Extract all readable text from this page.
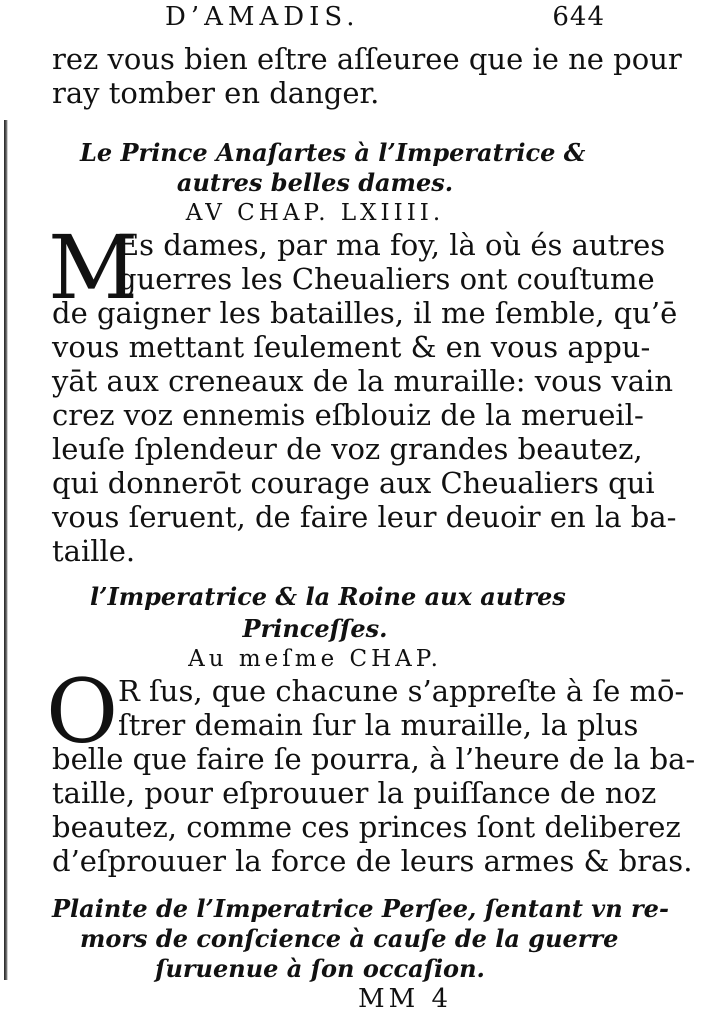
D’AMADIS.	644
rez vous bien eſtre aſſeuree que ie ne pour
ray tomber en danger.
Le Prince Anaſartes à l’Imperatrice &
autres belles dames.
AV CHAP. LXIIII.
M
Es dames, par ma foy, là où és autres
guerres les Cheualiers ont couſtume
de gaigner les batailles, il me ſemble, qu’ē
vous mettant ſeulement & en vous appu-
yāt aux creneaux de la muraille: vous vain
crez voz ennemis eſblouiz de la merueil-
leuſe ſplendeur de voz grandes beautez,
qui donnerōt courage aux Cheualiers qui
vous ſeruent, de faire leur deuoir en la ba-
taille.
l’Imperatrice & la Roine aux autres
Princeſſes.
Au meſme CHAP.
O R ſus, que chacune s’appreſte à ſe mō-
ſtrer demain ſur la muraille, la plus
belle que faire ſe pourra, à l’heure de la ba-
taille, pour eſprouuer la puiſſance de noz
beautez, comme ces princes ſont deliberez
d’eſprouuer la force de leurs armes & bras.
Plainte de l’Imperatrice Perſee, ſentant vn re-
mors de conſcience à cauſe de la guerre
ſuruenue à ſon occaſion.
MM 4
